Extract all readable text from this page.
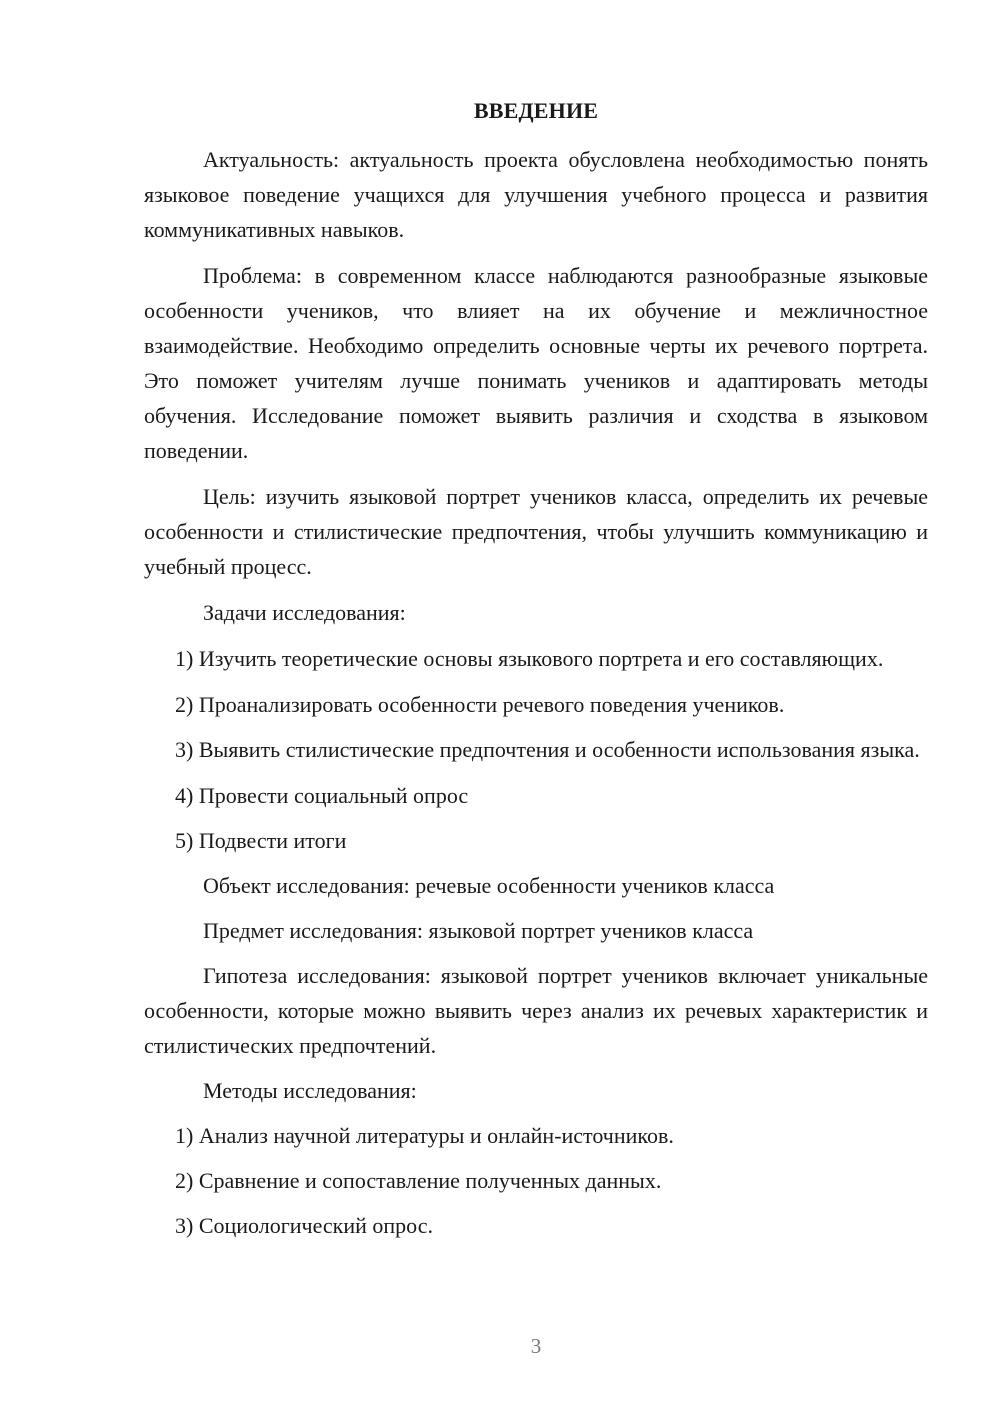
ВВЕДЕНИЕ

Актуальность: актуальность проекта обусловлена необходимостью понять языковое поведение учащихся для улучшения учебного процесса и развития коммуникативных навыков.

Проблема: в современном классе наблюдаются разнообразные языковые особенности учеников, что влияет на их обучение и межличностное взаимодействие. Необходимо определить основные черты их речевого портрета. Это поможет учителям лучше понимать учеников и адаптировать методы обучения. Исследование поможет выявить различия и сходства в языковом поведении.

Цель: изучить языковой портрет учеников класса, определить их речевые особенности и стилистические предпочтения, чтобы улучшить коммуникацию и учебный процесс.

Задачи исследования:

1) Изучить теоретические основы языкового портрета и его составляющих.

2) Проанализировать особенности речевого поведения учеников.

3) Выявить стилистические предпочтения и особенности использования языка.

4) Провести социальный опрос

5) Подвести итоги

Объект исследования: речевые особенности учеников класса

Предмет исследования: языковой портрет учеников класса

Гипотеза исследования: языковой портрет учеников включает уникальные особенности, которые можно выявить через анализ их речевых характеристик и стилистических предпочтений.

Методы исследования:

1) Анализ научной литературы и онлайн-источников.

2) Сравнение и сопоставление полученных данных.

3) Социологический опрос.

3
